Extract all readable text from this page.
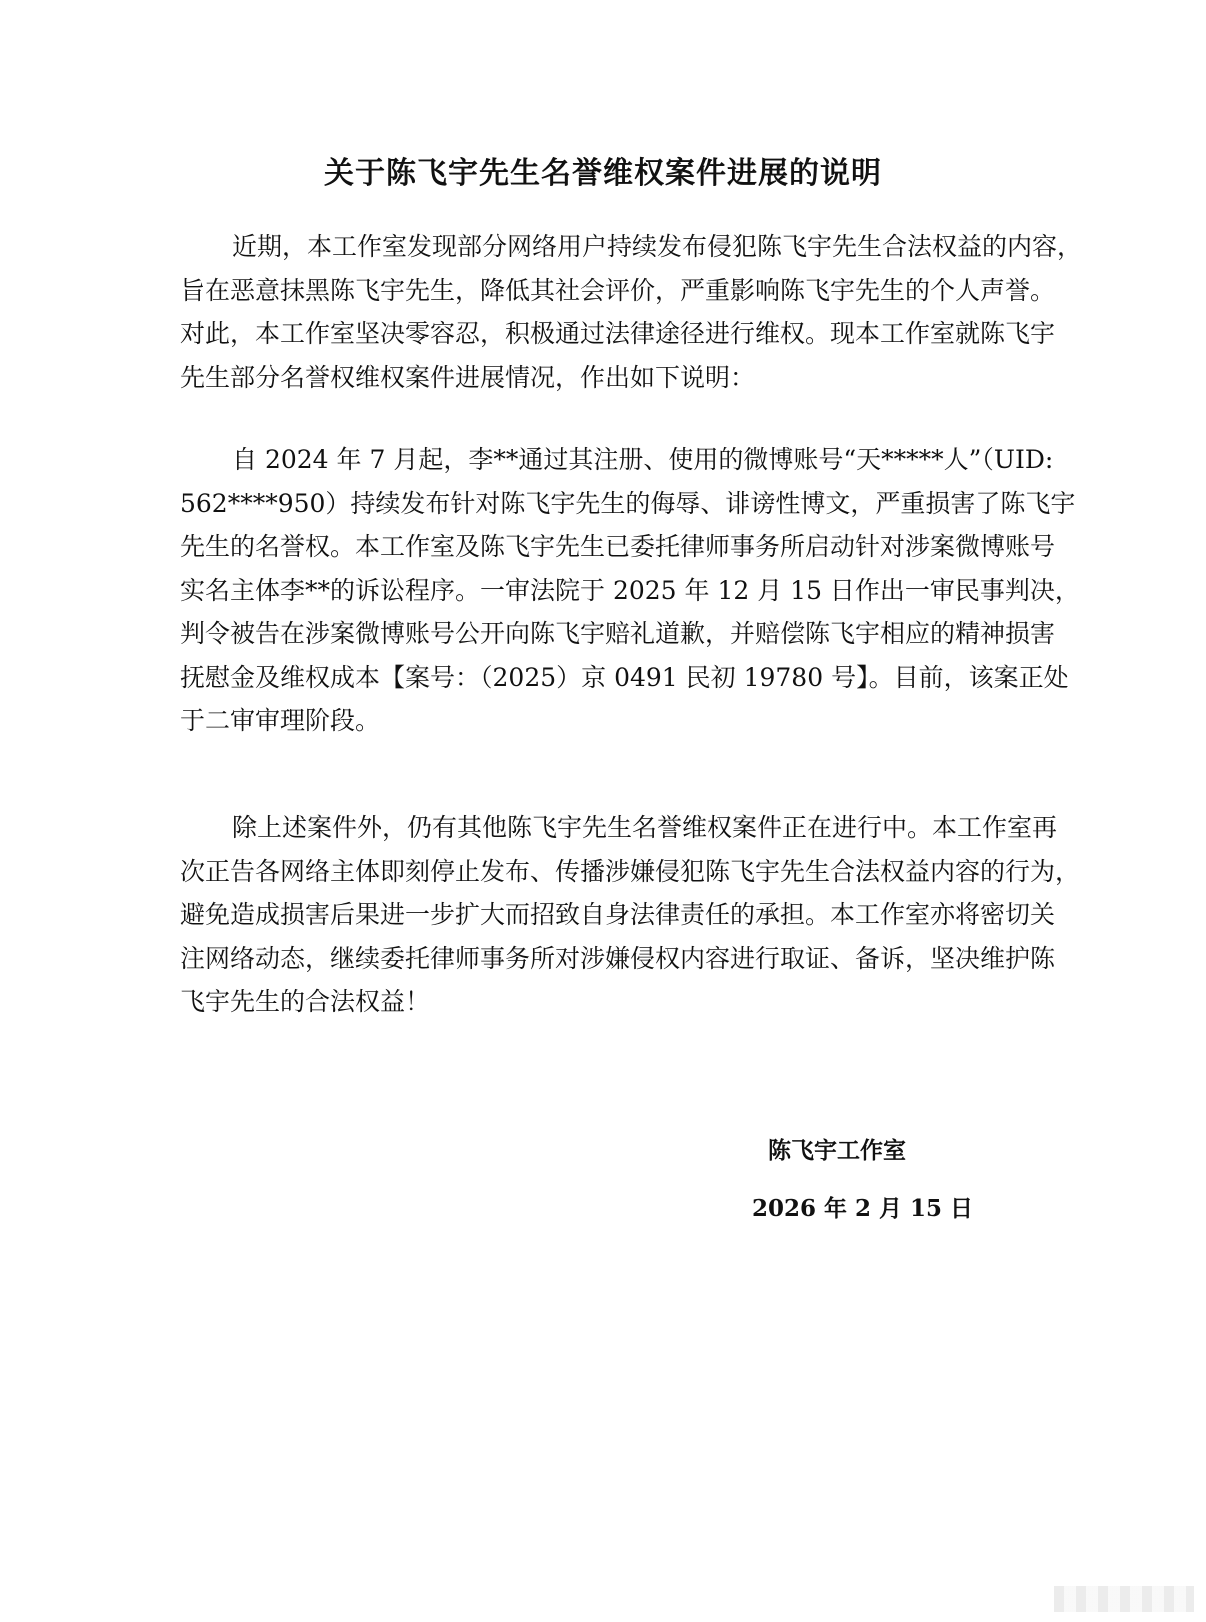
关于陈飞宇先生名誉维权案件进展的说明
近期，本工作室发现部分网络用户持续发布侵犯陈飞宇先生合法权益的内容，
旨在恶意抹黑陈飞宇先生，降低其社会评价，严重影响陈飞宇先生的个人声誉。
对此，本工作室坚决零容忍，积极通过法律途径进行维权。现本工作室就陈飞宇
先生部分名誉权维权案件进展情况，作出如下说明：
自 2024 年 7 月起，李**通过其注册、使用的微博账号“天*****人”（UID:
562****950）持续发布针对陈飞宇先生的侮辱、诽谤性博文，严重损害了陈飞宇
先生的名誉权。本工作室及陈飞宇先生已委托律师事务所启动针对涉案微博账号
实名主体李**的诉讼程序。一审法院于 2025 年 12 月 15 日作出一审民事判决，
判令被告在涉案微博账号公开向陈飞宇赔礼道歉，并赔偿陈飞宇相应的精神损害
抚慰金及维权成本【案号：（2025）京 0491 民初 19780 号】。目前，该案正处
于二审审理阶段。
除上述案件外，仍有其他陈飞宇先生名誉维权案件正在进行中。本工作室再
次正告各网络主体即刻停止发布、传播涉嫌侵犯陈飞宇先生合法权益内容的行为，
避免造成损害后果进一步扩大而招致自身法律责任的承担。本工作室亦将密切关
注网络动态，继续委托律师事务所对涉嫌侵权内容进行取证、备诉，坚决维护陈
飞宇先生的合法权益！
陈飞宇工作室
2026 年 2 月 15 日
